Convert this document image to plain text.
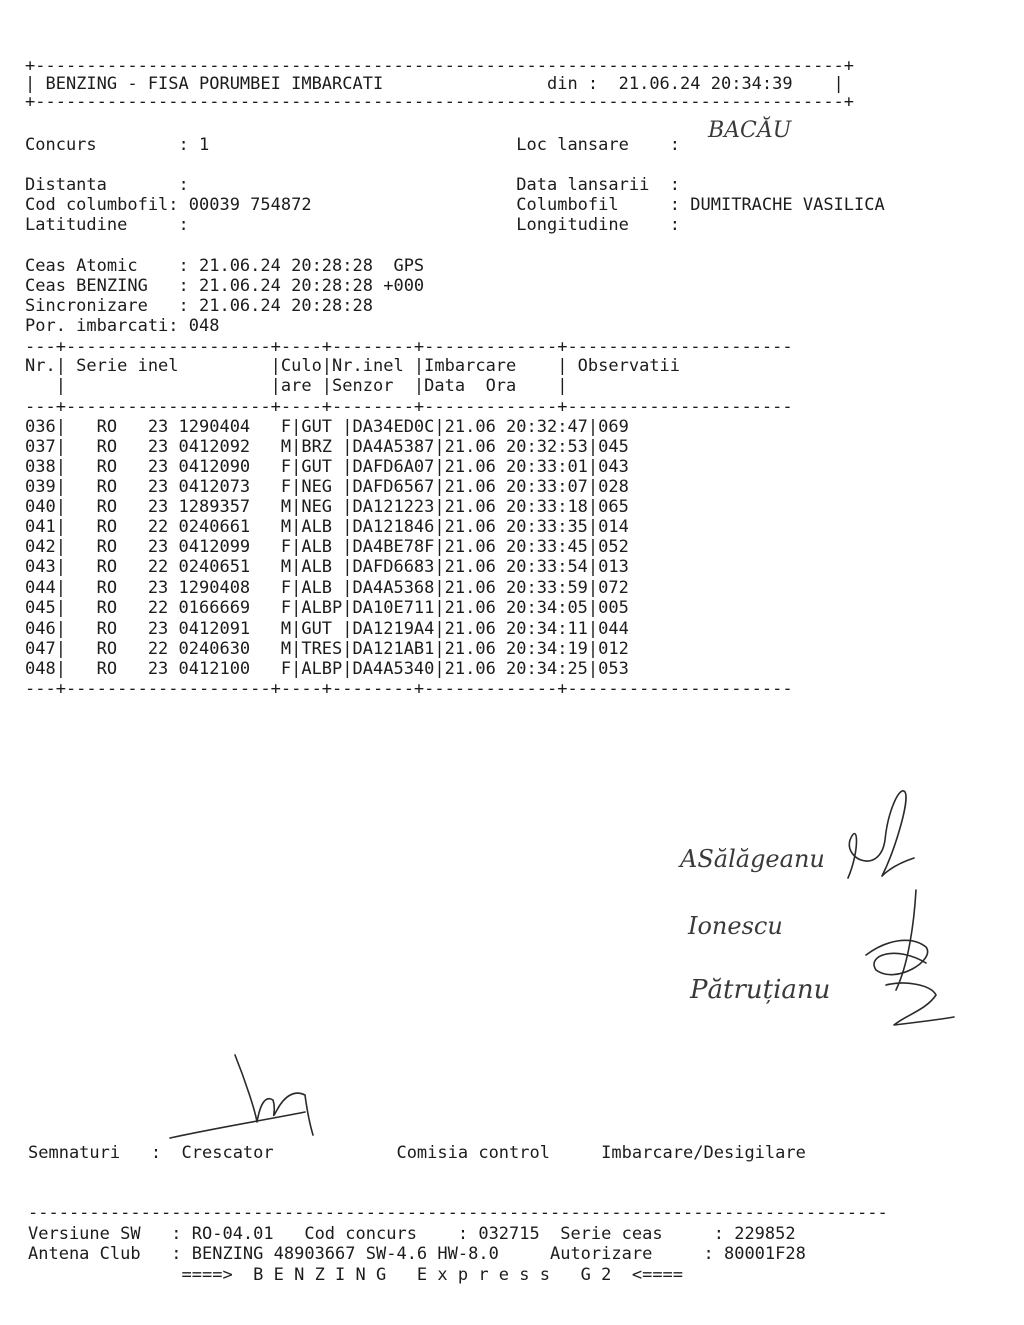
+-------------------------------------------------------------------------------+
| BENZING - FISA PORUMBEI IMBARCATI                din :  21.06.24 20:34:39    |
+-------------------------------------------------------------------------------+
Concurs        : 1                              Loc lansare    :
BACĂU
Distanta       :                                Data lansarii  :
Cod columbofil: 00039 754872                    Columbofil     : DUMITRACHE VASILICA
Latitudine     :                                Longitudine    :
Ceas Atomic    : 21.06.24 20:28:28  GPS
Ceas BENZING   : 21.06.24 20:28:28 +000
Sincronizare   : 21.06.24 20:28:28
Por. imbarcati: 048
---+--------------------+----+--------+-------------+----------------------
Nr.| Serie inel         |Culo|Nr.inel |Imbarcare    | Observatii
|                    |are |Senzor  |Data  Ora    |
---+--------------------+----+--------+-------------+----------------------
036|   RO   23 1290404   F|GUT |DA34ED0C|21.06 20:32:47|069
037|   RO   23 0412092   M|BRZ |DA4A5387|21.06 20:32:53|045
038|   RO   23 0412090   F|GUT |DAFD6A07|21.06 20:33:01|043
039|   RO   23 0412073   F|NEG |DAFD6567|21.06 20:33:07|028
040|   RO   23 1289357   M|NEG |DA121223|21.06 20:33:18|065
041|   RO   22 0240661   M|ALB |DA121846|21.06 20:33:35|014
042|   RO   23 0412099   F|ALB |DA4BE78F|21.06 20:33:45|052
043|   RO   22 0240651   M|ALB |DAFD6683|21.06 20:33:54|013
044|   RO   23 1290408   F|ALB |DA4A5368|21.06 20:33:59|072
045|   RO   22 0166669   F|ALBP|DA10E711|21.06 20:34:05|005
046|   RO   23 0412091   M|GUT |DA1219A4|21.06 20:34:11|044
047|   RO   22 0240630   M|TRES|DA121AB1|21.06 20:34:19|012
048|   RO   23 0412100   F|ALBP|DA4A5340|21.06 20:34:25|053
---+--------------------+----+--------+-------------+----------------------
ASălăgeanu
Ionescu
Pătruțianu
Semnaturi   :  Crescator            Comisia control     Imbarcare/Desigilare
------------------------------------------------------------------------------------
Versiune SW   : RO-04.01   Cod concurs    : 032715  Serie ceas     : 229852
Antena Club   : BENZING 48903667 SW-4.6 HW-8.0     Autorizare     : 80001F28
====>  B E N Z I N G   E x p r e s s   G 2  <====
